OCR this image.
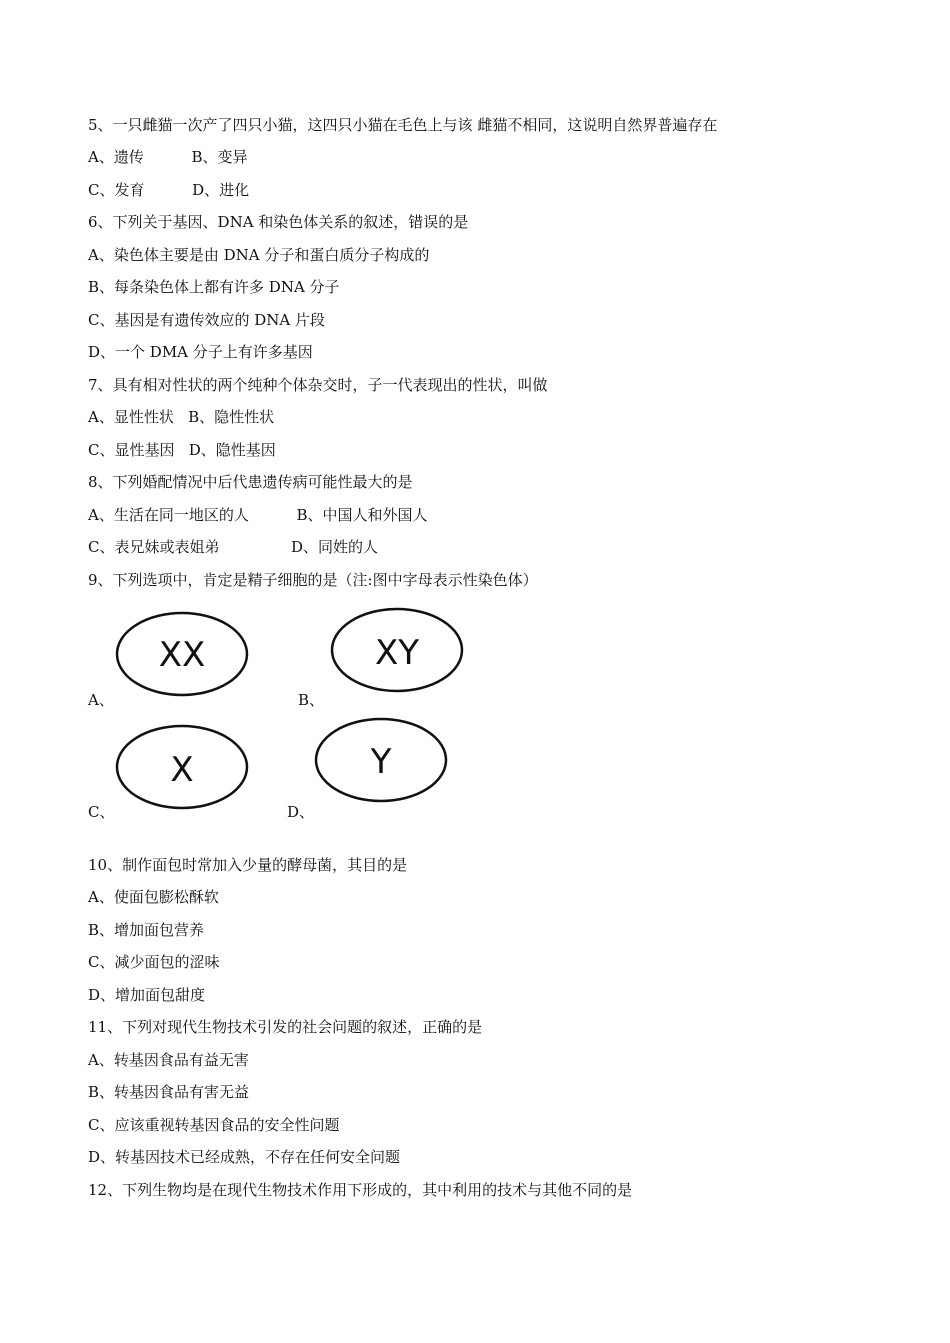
5、一只雌猫一次产了四只小猫，这四只小猫在毛色上与该 雌猫不相同，这说明自然界普遍存在
A、遗传          B、变异
C、发育          D、进化
6、下列关于基因、DNA 和染色体关系的叙述，错误的是
A、染色体主要是由 DNA 分子和蛋白质分子构成的
B、每条染色体上都有许多 DNA 分子
C、基因是有遗传效应的 DNA 片段
D、一个 DMA 分子上有许多基因
7、具有相对性状的两个纯种个体杂交时，子一代表现出的性状，叫做
A、显性性状   B、隐性性状
C、显性基因   D、隐性基因
8、下列婚配情况中后代患遗传病可能性最大的是
A、生活在同一地区的人          B、中国人和外国人
C、表兄妹或表姐弟               D、同姓的人
9、下列选项中，肯定是精子细胞的是（注:图中字母表示性染色体）
XX
A、
XY
B、
X
C、
Y
D、
10、制作面包时常加入少量的酵母菌，其目的是
A、使面包膨松酥软
B、增加面包营养
C、减少面包的涩味
D、增加面包甜度
11、下列对现代生物技术引发的社会问题的叙述，正确的是
A、转基因食品有益无害
B、转基因食品有害无益
C、应该重视转基因食品的安全性问题
D、转基因技术已经成熟，不存在任何安全问题
12、下列生物均是在现代生物技术作用下形成的，其中利用的技术与其他不同的是
